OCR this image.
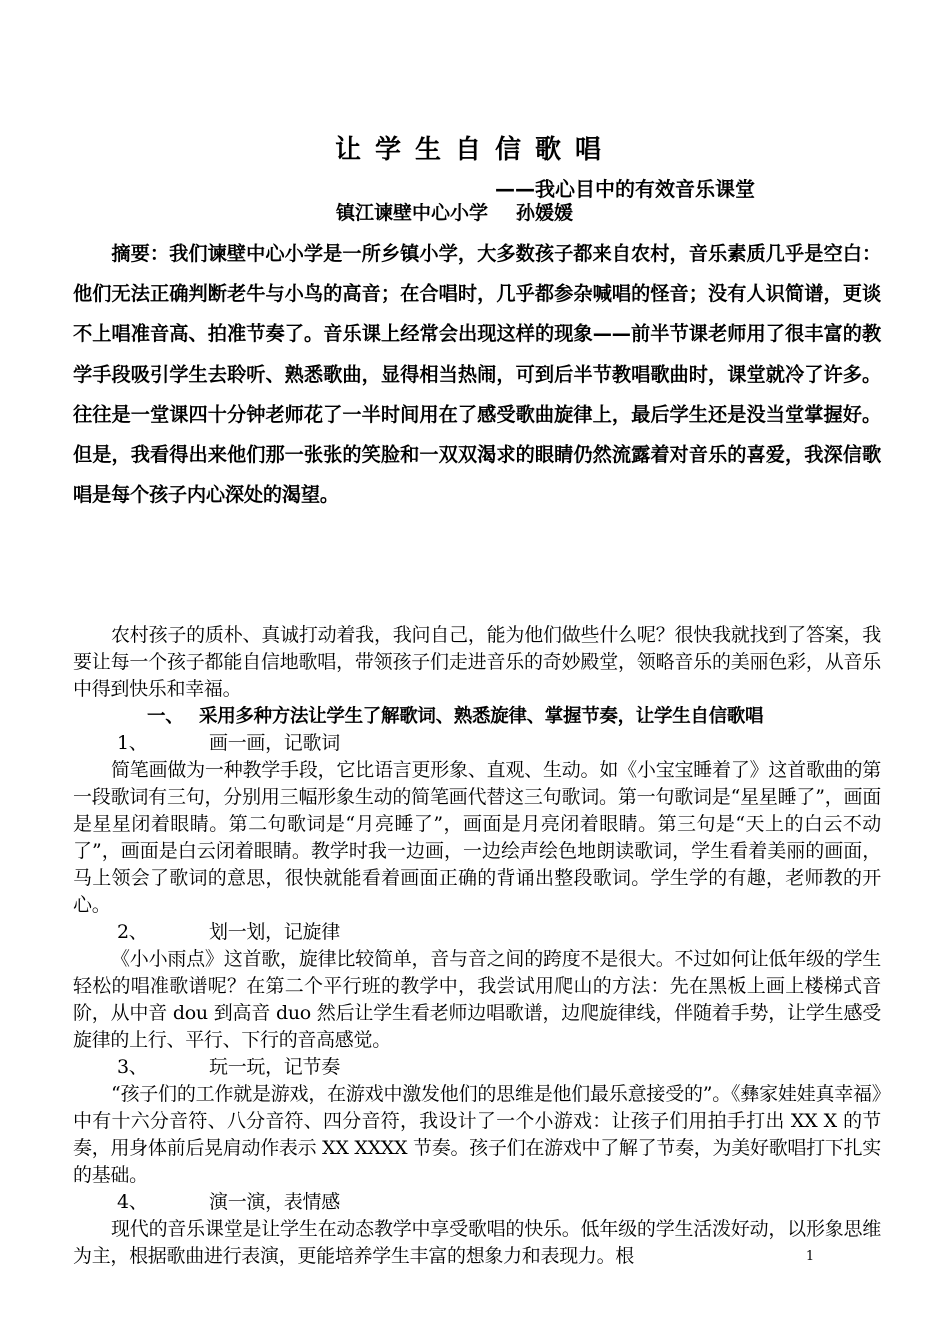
让学生自信歌唱
——我心目中的有效音乐课堂
镇江谏壁中心小学 孙媛媛
摘要：我们谏壁中心小学是一所乡镇小学，大多数孩子都来自农村，音乐素质几乎是空白：他们无法正确判断老牛与小鸟的高音；在合唱时，几乎都参杂喊唱的怪音；没有人识简谱，更谈不上唱准音高、拍准节奏了。音乐课上经常会出现这样的现象——前半节课老师用了很丰富的教学手段吸引学生去聆听、熟悉歌曲，显得相当热闹，可到后半节教唱歌曲时，课堂就冷了许多。往往是一堂课四十分钟老师花了一半时间用在了感受歌曲旋律上，最后学生还是没当堂掌握好。但是，我看得出来他们那一张张的笑脸和一双双渴求的眼睛仍然流露着对音乐的喜爱，我深信歌唱是每个孩子内心深处的渴望。

农村孩子的质朴、真诚打动着我，我问自己，能为他们做些什么呢？很快我就找到了答案，我要让每一个孩子都能自信地歌唱，带领孩子们走进音乐的奇妙殿堂，领略音乐的美丽色彩，从音乐中得到快乐和幸福。

一、 采用多种方法让学生了解歌词、熟悉旋律、掌握节奏，让学生自信歌唱

1、	画一画，记歌词

简笔画做为一种教学手段，它比语言更形象、直观、生动。如《小宝宝睡着了》这首歌曲的第一段歌词有三句，分别用三幅形象生动的简笔画代替这三句歌词。第一句歌词是“星星睡了”，画面是星星闭着眼睛。第二句歌词是“月亮睡了”，画面是月亮闭着眼睛。第三句是“天上的白云不动了”，画面是白云闭着眼睛。教学时我一边画，一边绘声绘色地朗读歌词，学生看着美丽的画面，马上领会了歌词的意思，很快就能看着画面正确的背诵出整段歌词。学生学的有趣，老师教的开心。

2、	划一划，记旋律

《小小雨点》这首歌，旋律比较简单，音与音之间的跨度不是很大。不过如何让低年级的学生轻松的唱准歌谱呢？在第二个平行班的教学中，我尝试用爬山的方法：先在黑板上画上楼梯式音阶，从中音 dou 到高音 duo 然后让学生看老师边唱歌谱，边爬旋律线，伴随着手势，让学生感受旋律的上行、平行、下行的音高感觉。

3、	玩一玩，记节奏

“孩子们的工作就是游戏，在游戏中激发他们的思维是他们最乐意接受的”。《彝家娃娃真幸福》中有十六分音符、八分音符、四分音符，我设计了一个小游戏：让孩子们用拍手打出 XX X 的节奏，用身体前后晃肩动作表示 XX XXXX 节奏。孩子们在游戏中了解了节奏，为美好歌唱打下扎实的基础。

4、	演一演，表情感

现代的音乐课堂是让学生在动态教学中享受歌唱的快乐。低年级的学生活泼好动，以形象思维为主，根据歌曲进行表演，更能培养学生丰富的想象力和表现力。根	1
